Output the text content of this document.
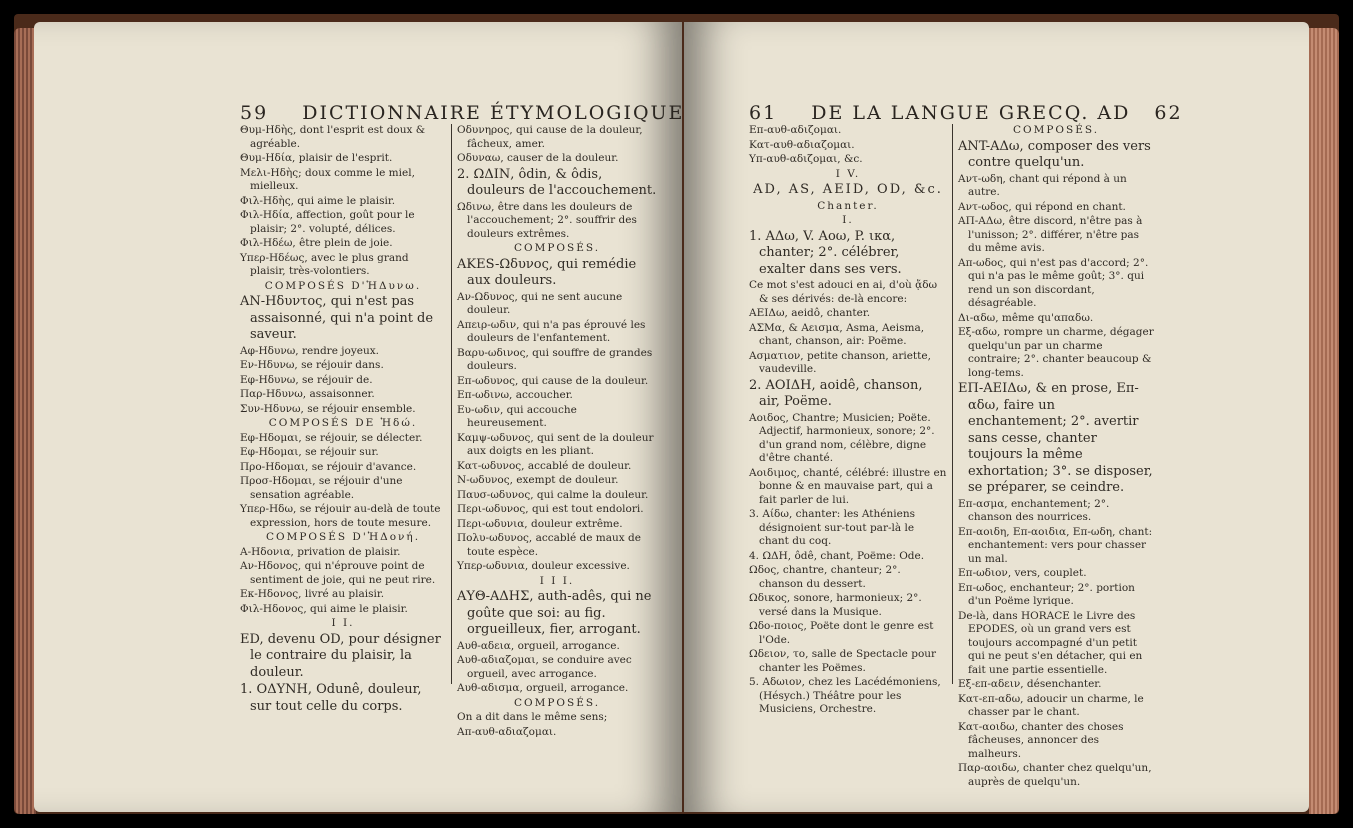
59 DICTIONNAIRE ÉTYMOLOGIQUE

Θυμ-Ηδὴς, dont l'esprit est doux & agréable.

Θυμ-Ηδία, plaisir de l'esprit.

Μελι-Ηδὴς; doux comme le miel, mielleux.

Φιλ-Ηδὴς, qui aime le plaisir.

Φιλ-Ηδία, affection, goût pour le plaisir; 2°. volupté, délices.

Φιλ-Ηδέω, être plein de joie.

Υπερ-Ηδέως, avec le plus grand plaisir, très-volontiers.

COMPOSÉS D'ἩΔυνω.

AN-Ηδυντος, qui n'est pas assaisonné, qui n'a point de saveur.

Αφ-Ηδυνω, rendre joyeux.

Εν-Ηδυνω, se réjouir dans.

Εφ-Ηδυνω, se réjouir de.

Παρ-Ηδυνω, assaisonner.

Συν-Ηδυνω, se réjouir ensemble.

COMPOSÉS DE Ἡδώ.

Εφ-Ηδομαι, se réjouir, se délecter.

Εφ-Ηδομαι, se réjouir sur.

Προ-Ηδομαι, se réjouir d'avance.

Προσ-Ηδομαι, se réjouir d'une sensation agréable.

Υπερ-Ηδω, se réjouir au-delà de toute expression, hors de toute mesure.

COMPOSÉS D'ἩΔονή.

A-Ηδονια, privation de plaisir.

Αν-Ηδονος, qui n'éprouve point de sentiment de joie, qui ne peut rire.

Εκ-Ηδονος, livré au plaisir.

Φιλ-Ηδονος, qui aime le plaisir.

I I.

ED, devenu OD, pour désigner le contraire du plaisir, la douleur.

1. ΟΔΥΝΗ, Odunê, douleur, sur tout celle du corps.

Οδυνηρος, qui cause de la douleur, fâcheux, amer.

Οδυναω, causer de la douleur.

2. ΩΔΙΝ, ôdin, & ôdis, douleurs de l'accouchement.

Ωδινω, être dans les douleurs de l'accouchement; 2°. souffrir des douleurs extrêmes.

COMPOSÉS.

AKES-Ωδυνος, qui remédie aux douleurs.

Αν-Ωδυνος, qui ne sent aucune douleur.

Απειρ-ωδιν, qui n'a pas éprouvé les douleurs de l'enfantement.

Βαρυ-ωδινος, qui souffre de grandes douleurs.

Επ-ωδυνος, qui cause de la douleur.

Επ-ωδινω, accoucher.

Ευ-ωδιν, qui accouche heureusement.

Καμψ-ωδυνος, qui sent de la douleur aux doigts en les pliant.

Κατ-ωδυνος, accablé de douleur.

Ν-ωδυνος, exempt de douleur.

Παυσ-ωδυνος, qui calme la douleur.

Περι-ωδυνος, qui est tout endolori.

Περι-ωδυνια, douleur extrême.

Πολυ-ωδυνος, accablé de maux de toute espèce.

Υπερ-ωδυνια, douleur excessive.

I I I.

ΑΥΘ-ΑΔΗΣ, auth-adês, qui ne goûte que soi: au fig. orgueilleux, fier, arrogant.

Αυθ-αδεια, orgueil, arrogance.

Αυθ-αδιαζομαι, se conduire avec orgueil, avec arrogance.

Αυθ-αδισμα, orgueil, arrogance.

COMPOSÉS.

On a dit dans le même sens;

Απ-αυθ-αδιαζομαι.

61 DE LA LANGUE GRECQ. AD 62

Επ-αυθ-αδιζομαι.

Κατ-αυθ-αδιαζομαι.

Υπ-αυθ-αδιζομαι, &c.

I V.

AD, AS, AEID, OD, &c.

Chanter.

I.

1. ΑΔω, V. Αοω, P. ικα, chanter; 2°. célébrer, exalter dans ses vers.

Ce mot s'est adouci en ai, d'où ᾄδω & ses dérivés: de-là encore:

AEIΔω, aeidô, chanter.

ΑΣΜα, & Αεισμα, Asma, Aeisma, chant, chanson, air: Poëme.

Ασματιον, petite chanson, ariette, vaudeville.

2. ΑΟΙΔΗ, aoidê, chanson, air, Poëme.

Αοιδος, Chantre; Musicien; Poëte. Adjectif, harmonieux, sonore; 2°. d'un grand nom, célèbre, digne d'être chanté.

Αοιδιμος, chanté, célébré: illustre en bonne & en mauvaise part, qui a fait parler de lui.

3. Αίδω, chanter: les Athéniens désignoient sur-tout par-là le chant du coq.

4. ΩΔΗ, ôdê, chant, Poëme: Ode.

Ωδος, chantre, chanteur; 2°. chanson du dessert.

Ωδικος, sonore, harmonieux; 2°. versé dans la Musique.

Ωδο-ποιος, Poëte dont le genre est l'Ode.

Ωδειον, το, salle de Spectacle pour chanter les Poëmes.

5. Αδωιον, chez les Lacédémoniens, (Hésych.) Théâtre pour les Musiciens, Orchestre.

COMPOSÉS.

ANT-ΑΔω, composer des vers contre quelqu'un.

Αντ-ωδη, chant qui répond à un autre.

Αντ-ωδος, qui répond en chant.

ΑΠ-ΑΔω, être discord, n'être pas à l'unisson; 2°. différer, n'être pas du même avis.

Απ-ωδος, qui n'est pas d'accord; 2°. qui n'a pas le même goût; 3°. qui rend un son discordant, désagréable.

Δι-αδω, même qu'απαδω.

Εξ-αδω, rompre un charme, dégager quelqu'un par un charme contraire; 2°. chanter beaucoup & long-tems.

ΕΠ-ΑΕΙΔω, & en prose, Επ-αδω, faire un enchantement; 2°. avertir sans cesse, chanter toujours la même exhortation; 3°. se disposer, se préparer, se ceindre.

Επ-ασμα, enchantement; 2°. chanson des nourrices.

Επ-αοιδη, Επ-αοιδια, Επ-ωδη, chant: enchantement: vers pour chasser un mal.

Επ-ωδιον, vers, couplet.

Επ-ωδος, enchanteur; 2°. portion d'un Poëme lyrique.

De-là, dans HORACE le Livre des EPODES, où un grand vers est toujours accompagné d'un petit qui ne peut s'en détacher, qui en fait une partie essentielle.

Εξ-επ-αδειν, désenchanter.

Κατ-επ-αδω, adoucir un charme, le chasser par le chant.

Κατ-αοιδω, chanter des choses fâcheuses, annoncer des malheurs.

Παρ-αοιδω, chanter chez quelqu'un, auprès de quelqu'un.
